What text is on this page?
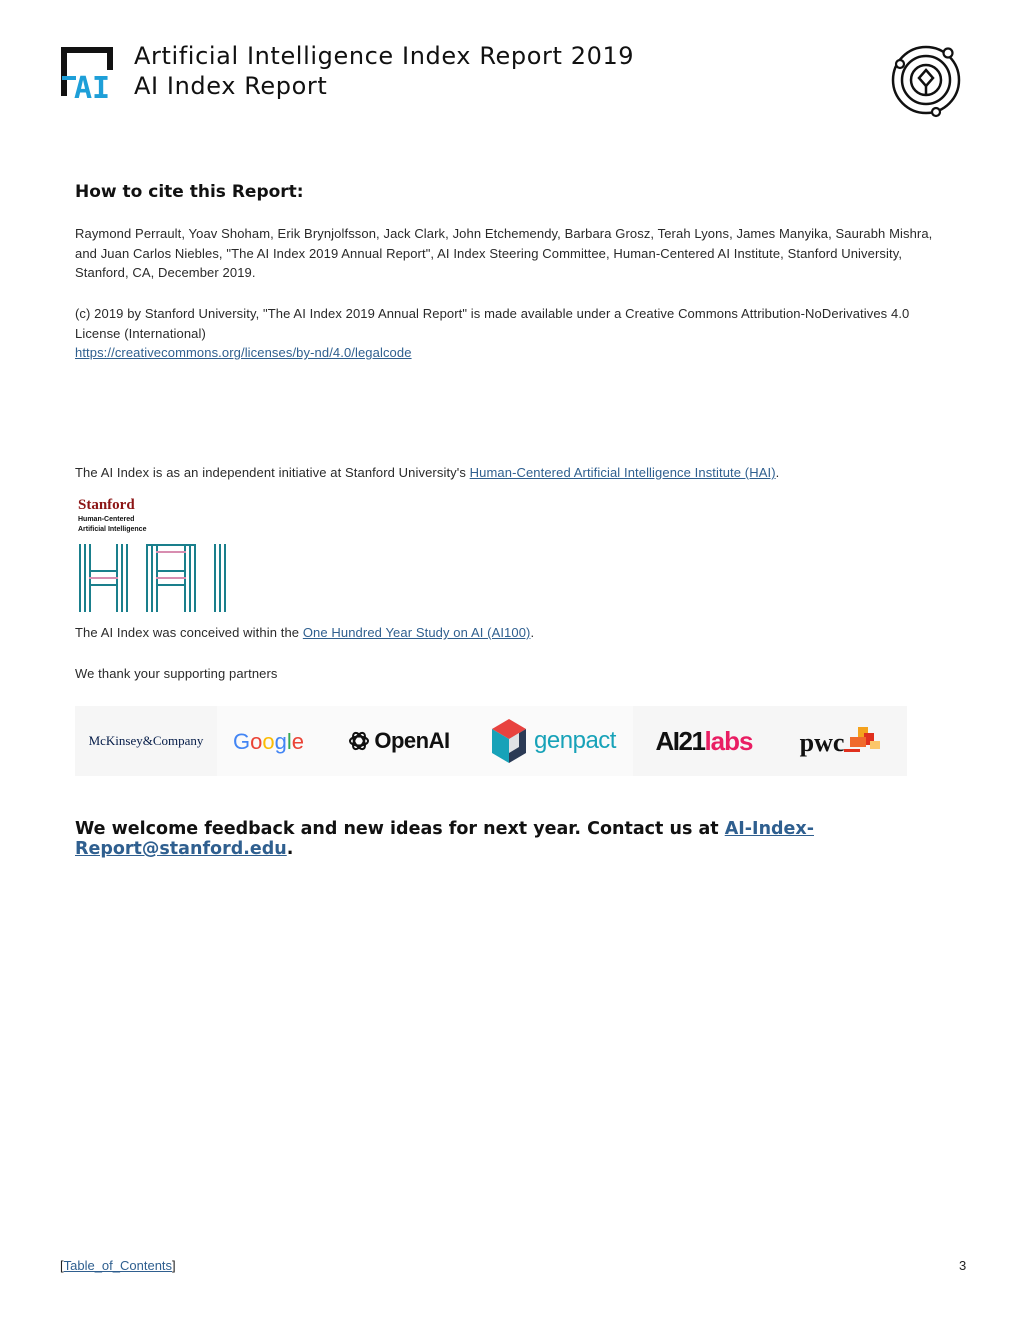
AI
Artificial Intelligence Index Report 2019
AI Index Report
How to cite this Report:
Raymond Perrault, Yoav Shoham, Erik Brynjolfsson, Jack Clark, John Etchemendy, Barbara Grosz, Terah Lyons, James Manyika, Saurabh Mishra, and Juan Carlos Niebles, "The AI Index 2019 Annual Report", AI Index Steering Committee, Human-Centered AI Institute, Stanford University, Stanford, CA, December 2019.
(c) 2019 by Stanford University, "The AI Index 2019 Annual Report" is made available under a Creative Commons Attribution-NoDerivatives 4.0 License (International)
https://creativecommons.org/licenses/by-nd/4.0/legalcode
The AI Index is as an independent initiative at Stanford University's Human-Centered Artificial Intelligence Institute (HAI).
Stanford
Human-Centered
Artificial Intelligence
The AI Index was conceived within the One Hundred Year Study on AI (AI100).
We thank your supporting partners
McKinsey&Company Google	OpenAI	genpact AI21 labs pwc
We welcome feedback and new ideas for next year. Contact us at AI-Index-Report@stanford.edu.
[Table_of_Contents]	3
